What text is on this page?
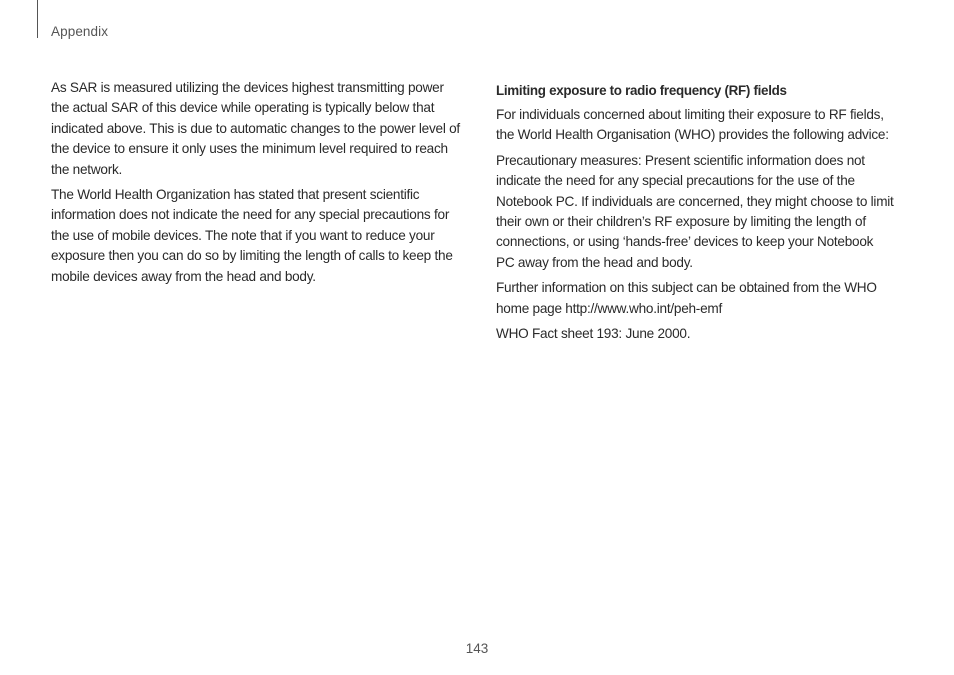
Appendix

As SAR is measured utilizing the devices highest transmitting power the actual SAR of this device while operating is typically below that indicated above. This is due to automatic changes to the power level of the device to ensure it only uses the minimum level required to reach the network.

The World Health Organization has stated that present scientific information does not indicate the need for any special precautions for the use of mobile devices. The note that if you want to reduce your exposure then you can do so by limiting the length of calls to keep the mobile devices away from the head and body.

Limiting exposure to radio frequency (RF) fields

For individuals concerned about limiting their exposure to RF fields, the World Health Organisation (WHO) provides the following advice:

Precautionary measures: Present scientific information does not indicate the need for any special precautions for the use of the Notebook PC. If individuals are concerned, they might choose to limit their own or their children’s RF exposure by limiting the length of connections, or using ‘hands-free’ devices to keep your Notebook PC away from the head and body.

Further information on this subject can be obtained from the WHO home page http://www.who.int/peh-emf

WHO Fact sheet 193: June 2000.

143
